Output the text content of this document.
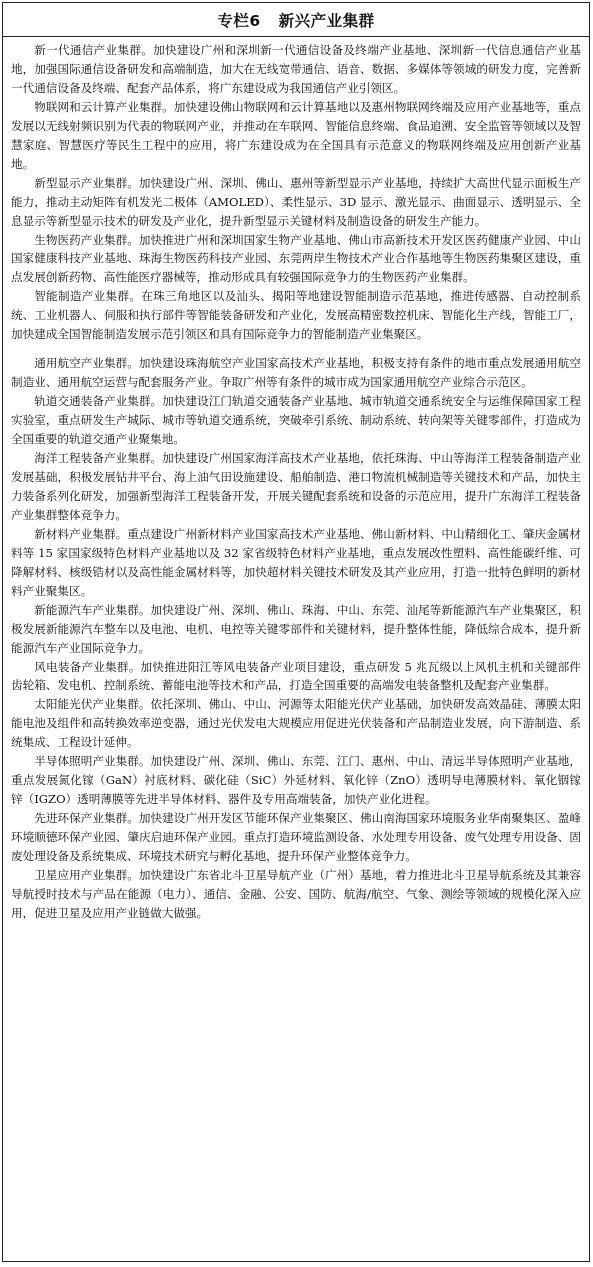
专栏6 新兴产业集群

新一代通信产业集群。加快建设广州和深圳新一代通信设备及终端产业基地、深圳新一代信息通信产业基地，加强国际通信设备研发和高端制造，加大在无线宽带通信、语音、数据、多媒体等领域的研发力度，完善新一代通信设备及终端、配套产品体系，将广东建设成为我国通信产业引领区。

物联网和云计算产业集群。加快建设佛山物联网和云计算基地以及惠州物联网终端及应用产业基地等，重点发展以无线射频识别为代表的物联网产业，并推动在车联网、智能信息终端、食品追溯、安全监管等领域以及智慧家庭、智慧医疗等民生工程中的应用，将广东建设成为在全国具有示范意义的物联网终端及应用创新产业基地。

新型显示产业集群。加快建设广州、深圳、佛山、惠州等新型显示产业基地，持续扩大高世代显示面板生产能力，推动主动矩阵有机发光二极体（AMOLED）、柔性显示、3D 显示、激光显示、曲面显示、透明显示、全息显示等新型显示技术的研发及产业化，提升新型显示关键材料及制造设备的研发生产能力。

生物医药产业集群。加快推进广州和深圳国家生物产业基地、佛山市高新技术开发区医药健康产业园、中山国家健康科技产业基地、珠海生物医药科技产业园、东莞两岸生物技术产业合作基地等生物医药集聚区建设，重点发展创新药物、高性能医疗器械等，推动形成具有较强国际竞争力的生物医药产业集群。

智能制造产业集群。在珠三角地区以及汕头、揭阳等地建设智能制造示范基地，推进传感器、自动控制系统、工业机器人、伺服和执行部件等智能装备研发和产业化，发展高精密数控机床、智能化生产线，智能工厂，加快建成全国智能制造发展示范引领区和具有国际竞争力的智能制造产业集聚区。

通用航空产业集群。加快建设珠海航空产业国家高技术产业基地，积极支持有条件的地市重点发展通用航空制造业、通用航空运营与配套服务产业。争取广州等有条件的城市成为国家通用航空产业综合示范区。

轨道交通装备产业集群。加快建设江门轨道交通装备产业基地、城市轨道交通系统安全与运维保障国家工程实验室，重点研发生产城际、城市等轨道交通系统，突破牵引系统、制动系统、转向架等关键零部件，打造成为全国重要的轨道交通产业聚集地。

海洋工程装备产业集群。加快建设广州国家海洋高技术产业基地，依托珠海、中山等海洋工程装备制造产业发展基础，积极发展钻井平台、海上油气田设施建设、船舶制造、港口物流机械制造等关键技术和产品，加快主力装备系列化研发，加强新型海洋工程装备开发，开展关键配套系统和设备的示范应用，提升广东海洋工程装备产业集群整体竞争力。

新材料产业集群。重点建设广州新材料产业国家高技术产业基地、佛山新材料、中山精细化工、肇庆金属材料等 15 家国家级特色材料产业基地以及 32 家省级特色材料产业基地，重点发展改性塑料、高性能碳纤维、可降解材料、核级锆材以及高性能金属材料等，加快超材料关键技术研发及其产业应用，打造一批特色鲜明的新材料产业聚集区。

新能源汽车产业集群。加快建设广州、深圳、佛山、珠海、中山、东莞、汕尾等新能源汽车产业集聚区，积极发展新能源汽车整车以及电池、电机、电控等关键零部件和关键材料，提升整体性能，降低综合成本，提升新能源汽车产业国际竞争力。

风电装备产业集群。加快推进阳江等风电装备产业项目建设，重点研发 5 兆瓦级以上风机主机和关键部件齿轮箱、发电机、控制系统、蓄能电池等技术和产品，打造全国重要的高端发电装备整机及配套产业集群。

太阳能光伏产业集群。依托深圳、佛山、中山、河源等太阳能光伏产业基础，加快研发高效晶硅、薄膜太阳能电池及组件和高转换效率逆变器，通过光伏发电大规模应用促进光伏装备和产品制造业发展，向下游制造、系统集成、工程设计延伸。

半导体照明产业集群。加快建设广州、深圳、佛山、东莞、江门、惠州、中山、清远半导体照明产业基地，重点发展氮化镓（GaN）衬底材料、碳化硅（SiC）外延材料、氧化锌（ZnO）透明导电薄膜材料、氧化铟镓锌（IGZO）透明薄膜等先进半导体材料、器件及专用高端装备，加快产业化进程。

先进环保产业集群。加快建设广州开发区节能环保产业集聚区、佛山南海国家环境服务业华南聚集区、盈峰环境顺德环保产业园、肇庆启迪环保产业园。重点打造环境监测设备、水处理专用设备、废气处理专用设备、固废处理设备及系统集成、环境技术研究与孵化基地，提升环保产业整体竞争力。

卫星应用产业集群。加快建设广东省北斗卫星导航产业（广州）基地，着力推进北斗卫星导航系统及其兼容导航授时技术与产品在能源（电力）、通信、金融、公安、国防、航海/航空、气象、测绘等领域的规模化深入应用，促进卫星及应用产业链做大做强。
